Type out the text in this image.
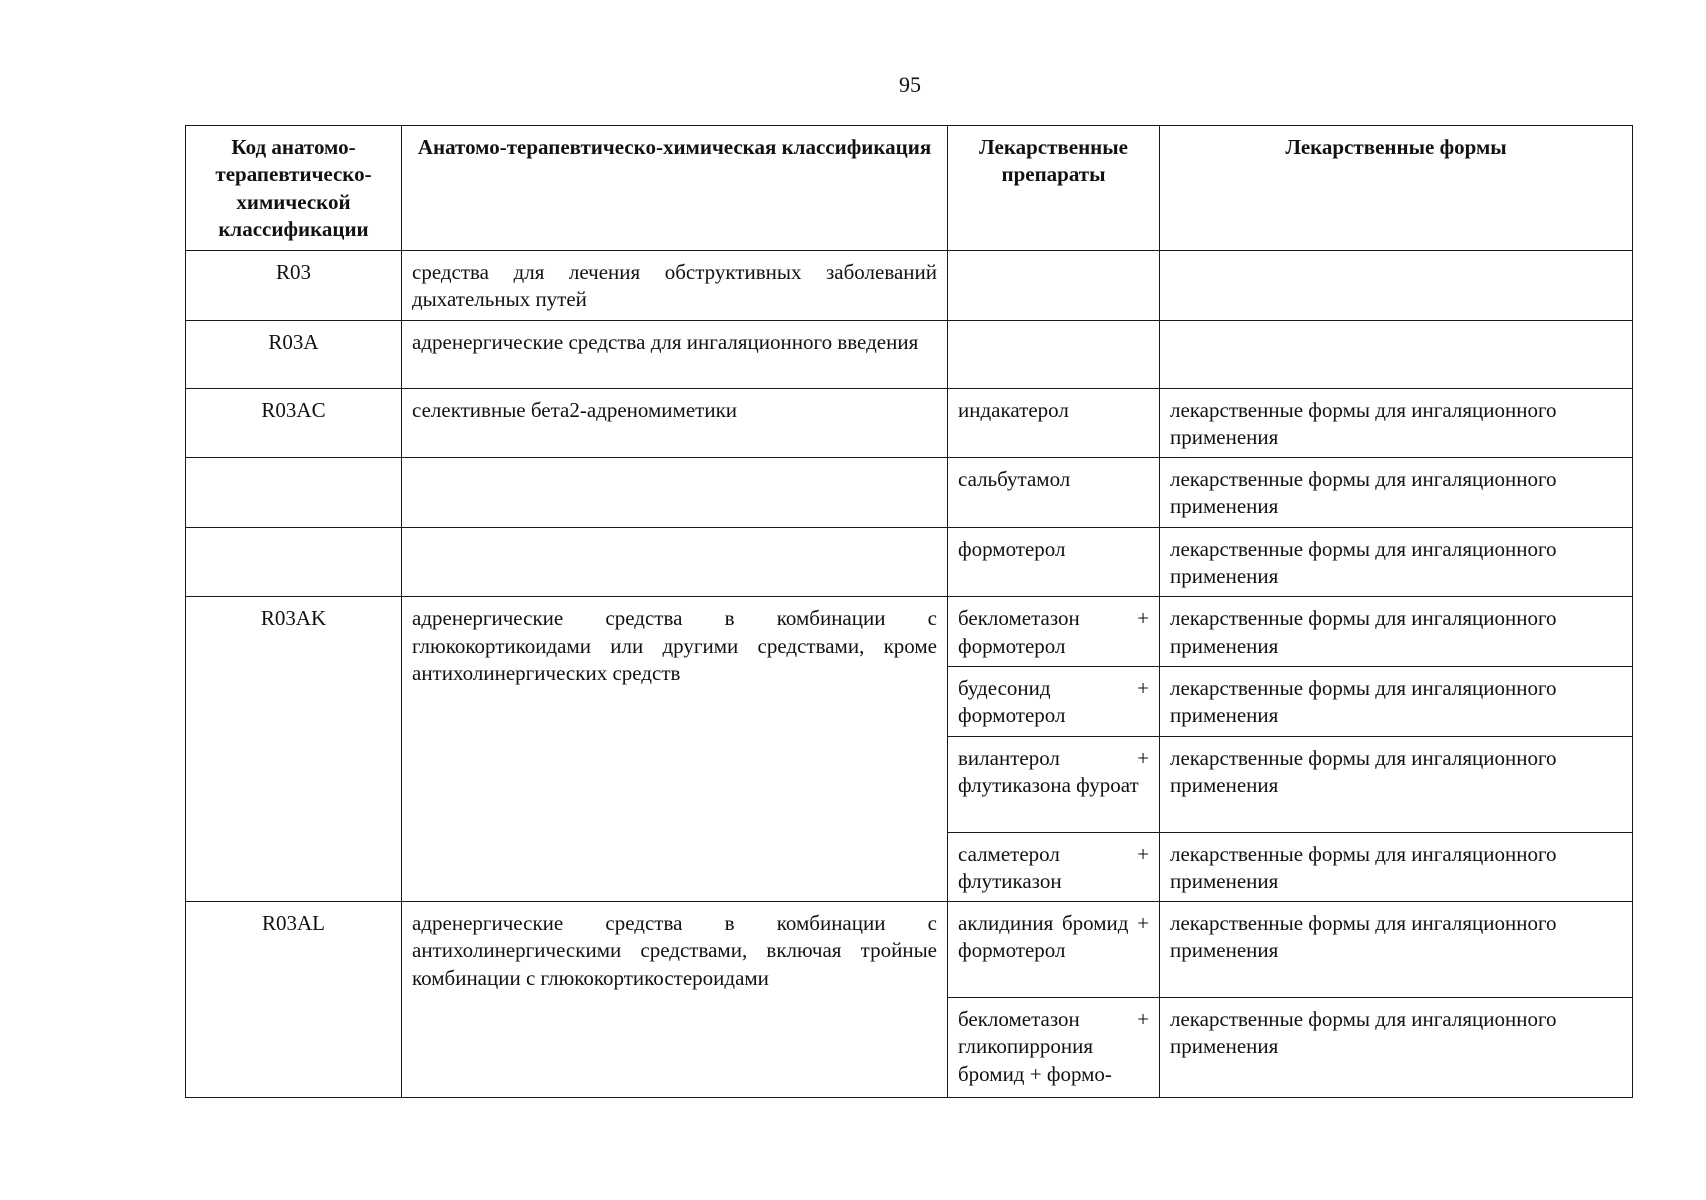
95
Код анатомо-терапевтическо-химической классификации	Анатомо-терапевтическо-химическая классификация	Лекарственные препараты	Лекарственные формы
R03	средства для лечения обструктивных заболеваний дыхательных путей		
R03A	адренергические средства для ингаляционного введения		
R03AC	селективные бета2-адреномиметики	индакатерол	лекарственные формы для ингаляционного применения
		сальбутамол	лекарственные формы для ингаляционного применения
		формотерол	лекарственные формы для ингаляционного применения
R03AK	адренергические средства в комбинации с глюкокортикоидами или другими средствами, кроме антихолинергических средств	беклометазон + формотерол	лекарственные формы для ингаляционного применения
		будесонид + формотерол	лекарственные формы для ингаляционного применения
		вилантерол + флутиказона фуроат	лекарственные формы для ингаляционного применения
		салметерол + флутиказон	лекарственные формы для ингаляционного применения
R03AL	адренергические средства в комбинации с антихолинергическими средствами, включая тройные комбинации с глюкокортикостероидами	аклидиния бромид + формотерол	лекарственные формы для ингаляционного применения
		беклометазон + гликопиррония бромид + формо-	лекарственные формы для ингаляционного применения
